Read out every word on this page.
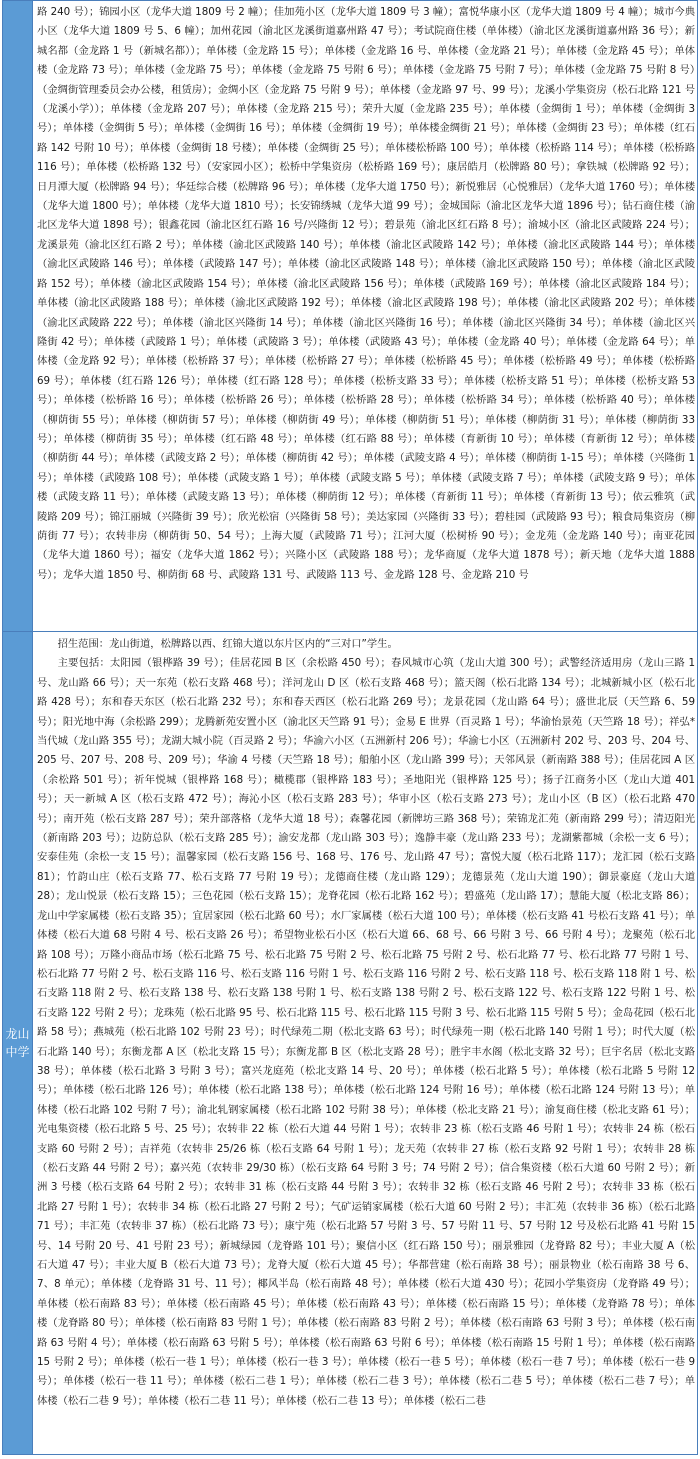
路 240 号）；锦园小区（龙华大道 1809 号 2 幢）；佳加苑小区（龙华大道 1809 号 3 幢）；富悦华康小区（龙华大道 1809 号 4 幢）；城市今典小区（龙华大道 1809 号 5、6 幢）；加州花园（渝北区龙溪街道嘉州路 47 号）；考试院商住楼（单体楼）（渝北区龙溪街道嘉州路 36 号）；新城名都（金龙路 1 号（新城名都））；单体楼（金龙路 15 号）；单体楼（金龙路 16 号、单体楼（金龙路 21 号）；单体楼（金龙路 45 号）；单体楼（金龙路 73 号）；单体楼（金龙路 75 号）；单体楼（金龙路 75 号附 6 号）；单体楼（金龙路 75 号附 7 号）；单体楼（金龙路 75 号附 8 号）（金绸街管理委员会办公楼，租赁房）；金绸小区（金龙路 75 号附 9 号）；单体楼（金龙路 97 号、99 号）；龙溪小学集资房（松石北路 121 号（龙溪小学））；单体楼（金龙路 207 号）；单体楼（金龙路 215 号）；荣升大厦（金龙路 235 号）；单体楼（金绸街 1 号）；单体楼（金绸街 3 号）；单体楼（金绸街 5 号）；单体楼（金绸街 16 号）；单体楼（金绸街 19 号）；单体楼金绸街 21 号）；单体楼（金绸街 23 号）；单体楼（红石路 142 号附 10 号）；单体楼（金绸街 18 号楼）；单体楼（金绸街 25 号）；单体楼松桥路 100 号）；单体楼（松桥路 114 号）；单体楼（松桥路 116 号）；单体楼（松桥路 132 号）（安家园小区）；松桥中学集资房（松桥路 169 号）；康居皓月（松牌路 80 号）；拿铁城（松牌路 92 号）；日月潭大厦（松牌路 94 号）；华廷综合楼（松牌路 96 号）；单体楼（龙华大道 1750 号）；新悦雅居（心悦雅居）（龙华大道 1760 号）；单体楼（龙华大道 1800 号）；单体楼（龙华大道 1810 号）；长安锦绣城（龙华大道 99 号）；金城国际（渝北区龙华大道 1896 号）；钻石商住楼（渝北区龙华大道 1898 号）；银鑫花园（渝北区红石路 16 号/兴隆街 12 号）；碧景苑（渝北区红石路 8 号）；渝城小区（渝北区武陵路 224 号）；龙溪景苑（渝北区红石路 2 号）；单体楼（渝北区武陵路 140 号）；单体楼（渝北区武陵路 142 号）；单体楼（渝北区武陵路 144 号）；单体楼（渝北区武陵路 146 号）；单体楼（武陵路 147 号）；单体楼（渝北区武陵路 148 号）；单体楼（渝北区武陵路 150 号）；单体楼（渝北区武陵路 152 号）；单体楼（渝北区武陵路 154 号）；单体楼（渝北区武陵路 156 号）；单体楼（武陵路 169 号）；单体楼（渝北区武陵路 184 号）；单体楼（渝北区武陵路 188 号）；单体楼（渝北区武陵路 192 号）；单体楼（渝北区武陵路 198 号）；单体楼（渝北区武陵路 202 号）；单体楼（渝北区武陵路 222 号）；单体楼（渝北区兴隆街 14 号）；单体楼（渝北区兴隆街 16 号）；单体楼（渝北区兴隆街 34 号）；单体楼（渝北区兴隆街 42 号）；单体楼（武陵路 1 号）；单体楼（武陵路 3 号）；单体楼（武陵路 43 号）；单体楼（金龙路 40 号）；单体楼（金龙路 64 号）；单体楼（金龙路 92 号）；单体楼（松桥路 37 号）；单体楼（松桥路 27 号）；单体楼（松桥路 45 号）；单体楼（松桥路 49 号）；单体楼（松桥路 69 号）；单体楼（红石路 126 号）；单体楼（红石路 128 号）；单体楼（松桥支路 33 号）；单体楼（松桥支路 51 号）；单体楼（松桥支路 53 号）；单体楼（松桥路 16 号）；单体楼（松桥路 26 号）；单体楼（松桥路 28 号）；单体楼（松桥路 34 号）；单体楼（松桥路 40 号）；单体楼（柳荫街 55 号）；单体楼（柳荫街 57 号）；单体楼（柳荫街 49 号）；单体楼（柳荫街 51 号）；单体楼（柳荫街 31 号）；单体楼（柳荫街 33 号）；单体楼（柳荫街 35 号）；单体楼（红石路 48 号）；单体楼（红石路 88 号）；单体楼（育新街 10 号）；单体楼（育新街 12 号）；单体楼（柳荫街 44 号）；单体楼（武陵支路 2 号）；单体楼（柳荫街 42 号）；单体楼（武陵支路 4 号）；单体楼（柳荫街 1-15 号）；单体楼（兴隆街 1 号）；单体楼（武陵路 108 号）；单体楼（武陵支路 1 号）；单体楼（武陵支路 5 号）；单体楼（武陵支路 7 号）；单体楼（武陵支路 9 号）；单体楼（武陵支路 11 号）；单体楼（武陵支路 13 号）；单体楼（柳荫街 12 号）；单体楼（育新街 11 号）；单体楼（育新街 13 号）；依云雅筑（武陵路 209 号）；锦江丽城（兴隆街 39 号）；欣光松宿（兴隆街 58 号）；美达家园（兴隆街 33 号）；碧桂园（武陵路 93 号）；粮食局集资房（柳荫街 77 号）；农转非房（柳荫街 50、54 号）；上海大厦（武陵路 71 号）；江河大厦（松树桥 90 号）；金龙苑（金龙路 140 号）；南亚花园（龙华大道 1860 号）；福安（龙华大道 1862 号）；兴隆小区（武陵路 188 号）；龙华商厦（龙华大道 1878 号）；新天地（龙华大道 1888 号）；龙华大道 1850 号、柳荫街 68 号、武陵路 131 号、武陵路 113 号、金龙路 128 号、金龙路 210 号

龙山中学

招生范围：龙山街道，松牌路以西、红锦大道以东片区内的“三对口”学生。

主要包括：太阳园（银桦路 39 号）；佳居花园 B 区（余松路 450 号）；春风城市心筑（龙山大道 300 号）；武警经济适用房（龙山三路 1 号、龙山路 66 号）；天一东苑（松石支路 468 号）；洋河龙山 D 区（松石支路 468 号）；篮天阁（松石北路 134 号）；北城新城小区（松石北路 428 号）；东和春天东区（松石北路 232 号）；东和春天西区（松石北路 269 号）；龙景花园（龙山路 64 号）；盛世北辰（天竺路 6、59 号）；阳光地中海（余松路 299）；龙腾新苑安置小区（渝北区天竺路 91 号）；金易 E 世界（百灵路 1 号）；华渝怡景苑（天竺路 18 号）；祥弘*当代城（龙山路 355 号）；龙湖大城小院（百灵路 2 号）；华渝六小区（五洲新村 206 号）；华渝七小区（五洲新村 202 号、203 号、204 号、205 号、207 号、208 号、209 号）；华渝 4 号楼（天竺路 18 号）；船舶小区（龙山路 399 号）；天邻风景（新南路 388 号）；佳居花园 A 区（余松路 501 号）；祈年悦城（银桦路 168 号）；橄榄郡（银桦路 183 号）；圣地阳光（银桦路 125 号）；扬子江商务小区（龙山大道 401 号）；天一新城 A 区（松石支路 472 号）；海沁小区（松石支路 283 号）；华审小区（松石支路 273 号）；龙山小区（B 区）（松石北路 470 号）；南开苑（松石支路 287 号）；荣升部落格（龙华大道 18 号）；森馨花园（新牌坊三路 368 号）；荣锦龙汇苑（新南路 299 号）；清迈阳光（新南路 203 号）；边防总队（松石支路 285 号）；渝安龙都（龙山路 303 号）；逸静丰豪（龙山路 233 号）；龙湖紫都城（余松一支 6 号）；安泰佳苑（余松一支 15 号）；温馨家园（松石支路 156 号、168 号、176 号、龙山路 47 号）；富悦大厦（松石北路 117）；龙汇园（松石支路 81）；竹韵山庄（松石支路 77、松石支路 77 号附 19 号）；龙德商住楼（龙山路 129）；龙德景苑（龙山大道 190）；御景豪庭（龙山大道 28）；龙山悦景（松石支路 15）；三色花园（松石支路 15）；龙脊花园（松石北路 162 号）；碧盛苑（龙山路 17）；慧能大厦（松北支路 86）；龙山中学家属楼（松石支路 35）；宜居家园（松石北路 60 号）；水厂家属楼（松石大道 100 号）；单体楼（松石支路 41 号松石支路 41 号）；单体楼（松石大道 68 号附 4 号、松石支路 26 号）；希望物业松石小区（松石大道 66、68 号、66 号附 3 号、66 号附 4 号）；龙聚苑（松石北路 108 号）；万隆小商品市场（松石北路 75 号、松石北路 75 号附 2 号、松石北路 75 号附 2 号、松石北路 77 号、松石北路 77 号附 1 号、松石北路 77 号附 2 号、松石支路 116 号、松石支路 116 号附 1 号、松石支路 116 号附 2 号、松石支路 118 号、松石支路 118 附 1 号、松石支路 118 附 2 号、松石支路 138 号、松石支路 138 号附 1 号、松石支路 138 号附 2 号、松石支路 122 号、松石支路 122 号附 1 号、松石支路 122 号附 2 号）；龙珠苑（松石北路 95 号、松石北路 115 号、松石北路 115 号附 3 号、松石北路 115 号附 5 号）；金岛花园（松石北路 58 号）；燕城苑（松石北路 102 号附 23 号）；时代绿苑二期（松北支路 63 号）；时代绿苑一期（松石北路 140 号附 1 号）；时代大厦（松石北路 140 号）；东衡龙都 A 区（松北支路 15 号）；东衡龙都 B 区（松北支路 28 号）；胜宇丰水阁（松北支路 32 号）；巨宇名居（松北支路 38 号）；单体楼（松石北路 3 号附 3 号）；富兴龙庭苑（松北支路 14 号、20 号）；单体楼（松石北路 5 号）；单体楼（松石北路 5 号附 12 号）；单体楼（松石北路 126 号）；单体楼（松石北路 138 号）；单体楼（松石北路 124 号附 16 号）；单体楼（松石北路 124 号附 13 号）；单体楼（松石北路 102 号附 7 号）；渝北轧钢家属楼（松石北路 102 号附 38 号）；单体楼（松北支路 21 号）；渝复商住楼（松北支路 61 号）；光电集资楼（松石北路 5 号、25 号）；农转非 22 栋（松石大道 44 号附 1 号）；农转非 23 栋（松石支路 46 号附 1 号）；农转非 24 栋（松石支路 60 号附 2 号）；吉祥苑（农转非 25/26 栋（松石支路 64 号附 1 号）；龙天苑（农转非 27 栋（松石支路 92 号附 1 号）；农转非 28 栋（松石支路 44 号附 2 号）；嘉兴苑（农转非 29/30 栋）（松石支路 64 号附 3 号；74 号附 2 号）；信合集资楼（松石大道 60 号附 2 号）；新洲 3 号楼（松石支路 64 号附 2 号）；农转非 31 栋（松石支路 44 号附 3 号）；农转非 32 栋（松石支路 46 号附 2 号）；农转非 33 栋（松石北路 27 号附 1 号）；农转非 34 栋（松石北路 27 号附 2 号）；气矿运销家属楼（松石大道 60 号附 2 号）；丰汇苑（农转非 36 栋）（松石北路 71 号）；丰汇苑（农转非 37 栋）（松石北路 73 号）；康宁苑（松石北路 57 号附 3 号、57 号附 11 号、57 号附 12 号及松石北路 41 号附 15 号、14 号附 20 号、41 号附 23 号）；新城绿园（龙脊路 101 号）；聚信小区（红石路 150 号）；丽景雅园（龙脊路 82 号）；丰业大厦 A（松石大道 47 号）；丰业大厦 B（松石大道 73 号）；龙脊大厦（松石大道 45 号）；华都营建（松石南路 38 号）；丽景物业（松石南路 38 号 6、7、8 单元）；单体楼（龙脊路 31 号、11 号）；椰风半岛（松石南路 48 号）；单体楼（松石大道 430 号）；花园小学集资房（龙脊路 49 号）；单体楼（松石南路 83 号）；单体楼（松石南路 45 号）；单体楼（松石南路 43 号）；单体楼（松石南路 15 号）；单体楼（龙脊路 78 号）；单体楼（龙脊路 80 号）；单体楼（松石南路 83 号附 1 号）；单体楼（松石南路 83 号附 2 号）；单体楼（松石南路 63 号附 3 号）；单体楼（松石南路 63 号附 4 号）；单体楼（松石南路 63 号附 5 号）；单体楼（松石南路 63 号附 6 号）；单体楼（松石南路 15 号附 1 号）；单体楼（松石南路 15 号附 2 号）；单体楼（松石一巷 1 号）；单体楼（松石一巷 3 号）；单体楼（松石一巷 5 号）；单体楼（松石一巷 7 号）；单体楼（松石一巷 9 号）；单体楼（松石一巷 11 号）；单体楼（松石二巷 1 号）；单体楼（松石二巷 3 号）；单体楼（松石二巷 5 号）；单体楼（松石二巷 7 号）；单体楼（松石二巷 9 号）；单体楼（松石二巷 11 号）；单体楼（松石二巷 13 号）；单体楼（松石二巷
